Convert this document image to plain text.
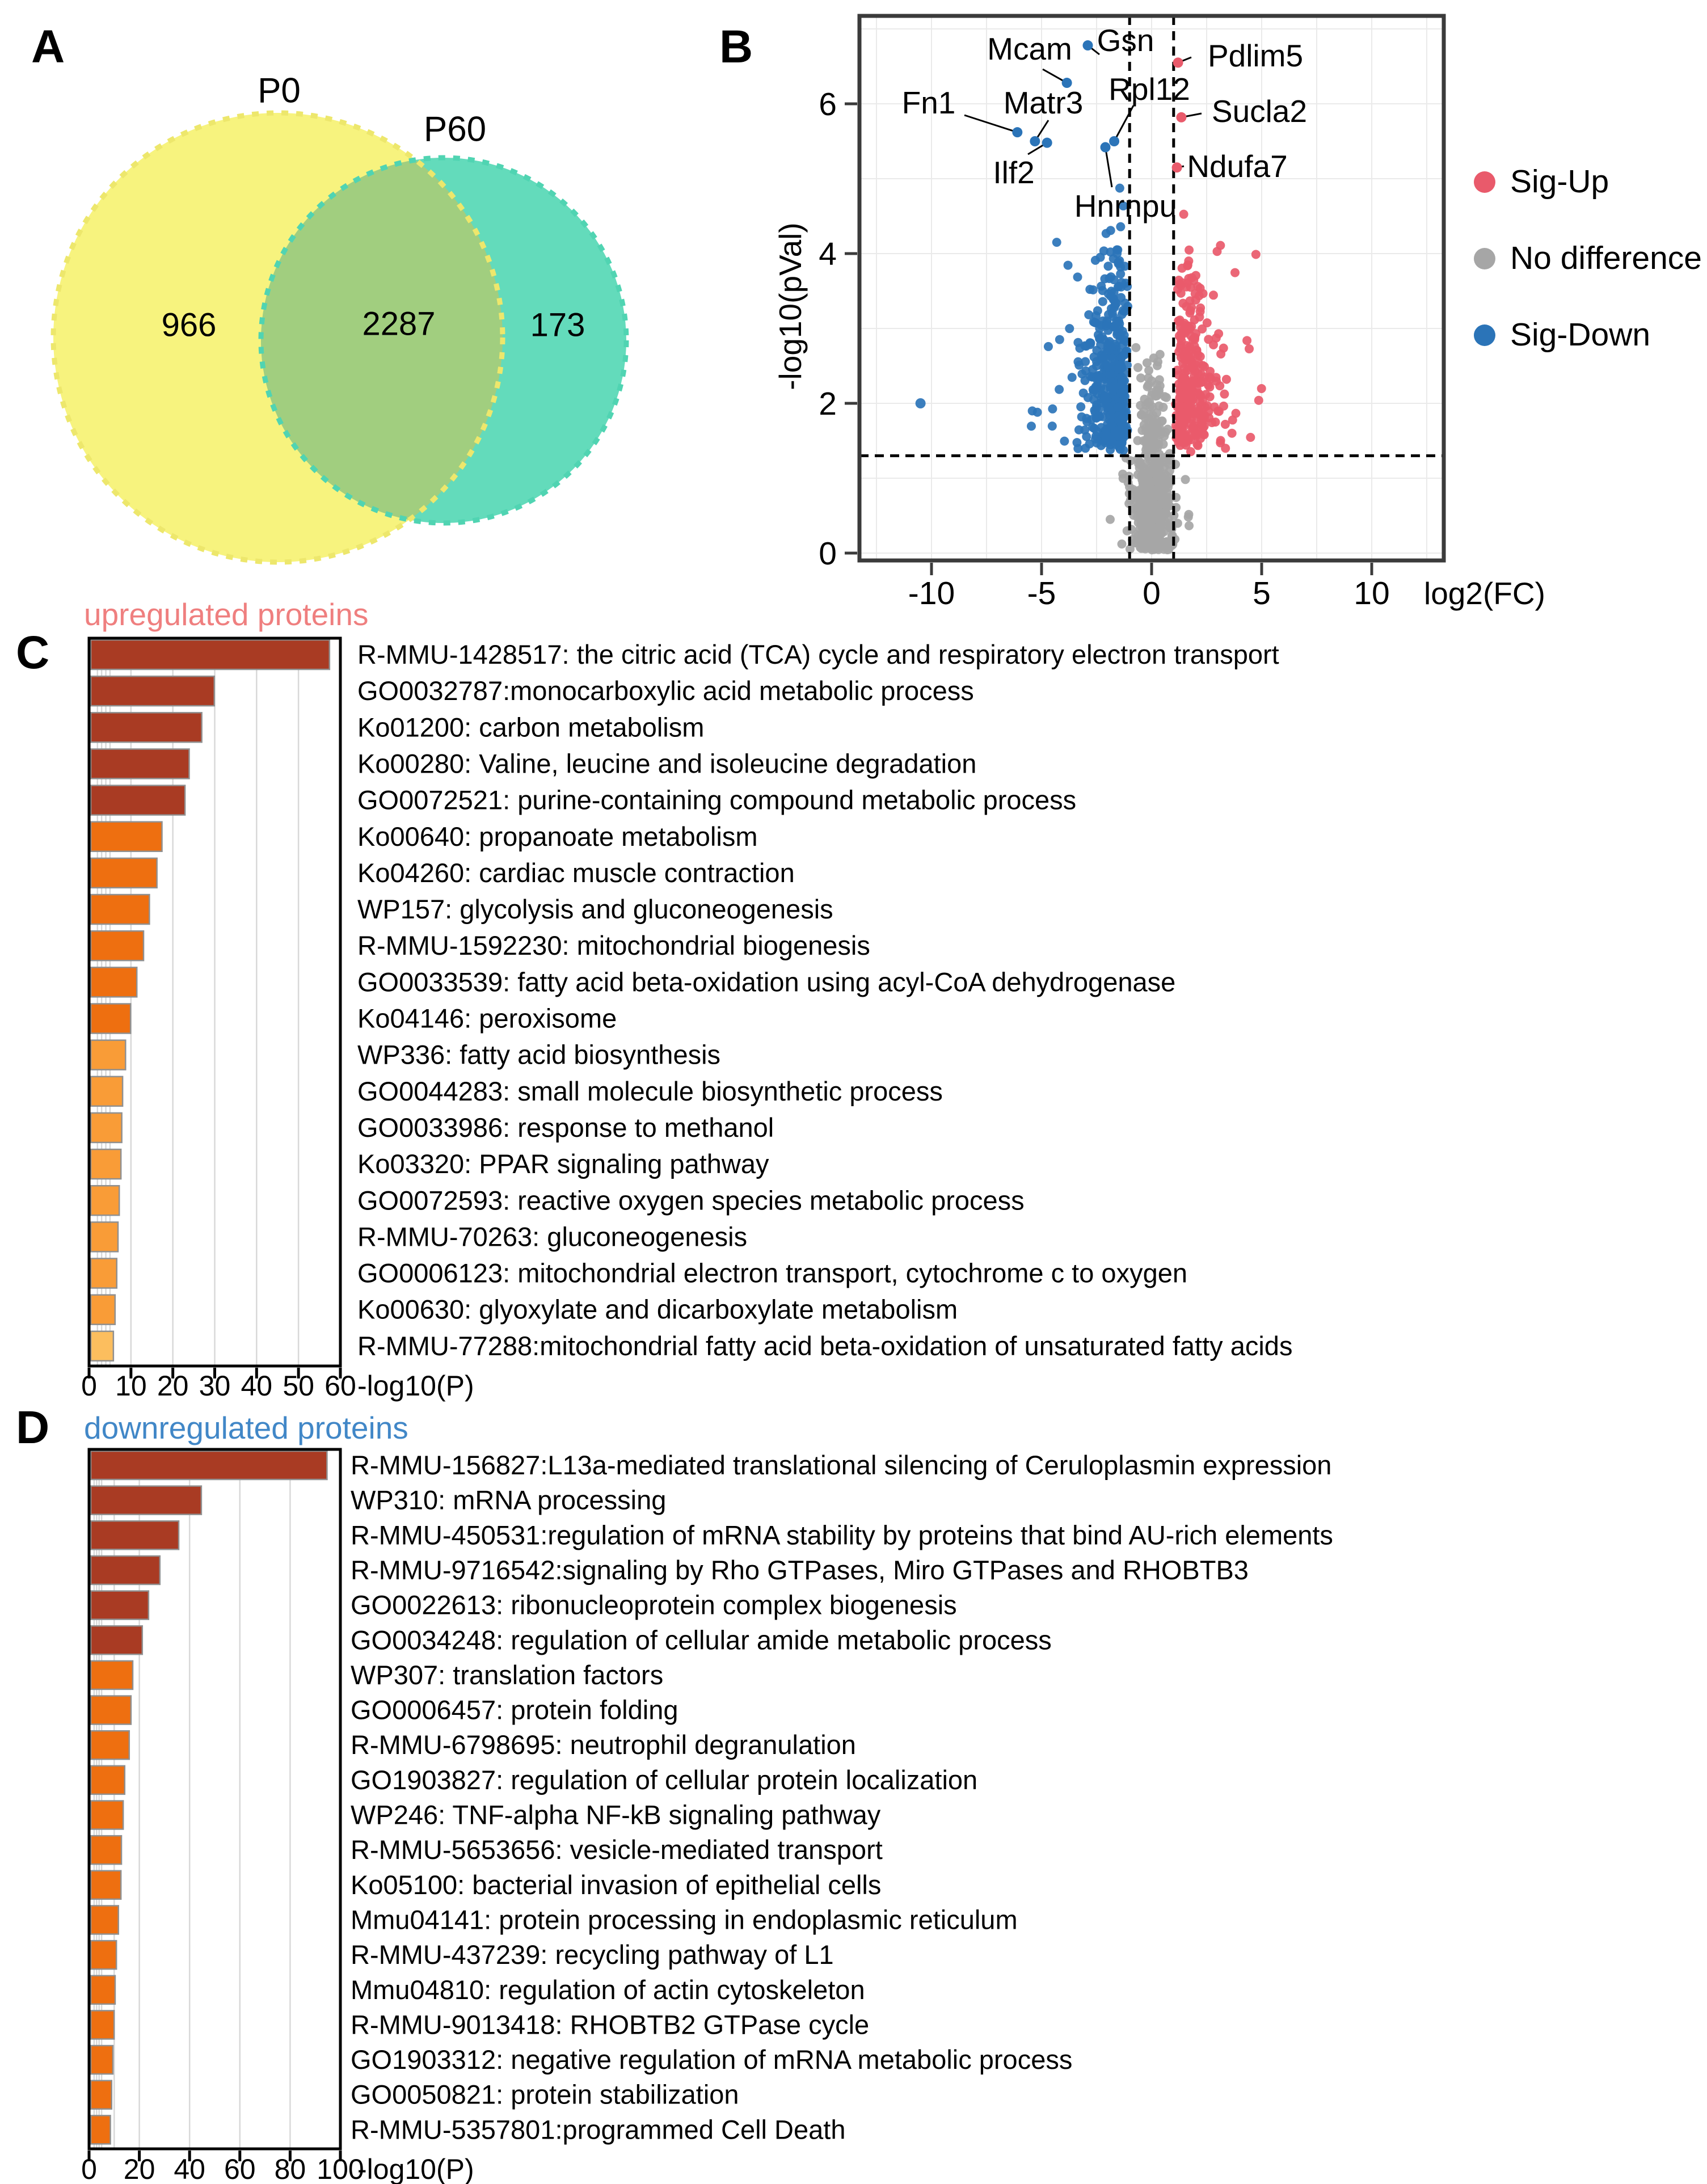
A	B
C
D
P0
P60
966	2287	173
Mcam Gsn Pdlim5
Fn1 Matr3 Rpl12
Sucla2
Ilf2	Ndufa7
Hnrnpu
-10 -5	0	5	10
0
2
4
6
log2(FC)
-log10(pVal)
Sig-Up
No difference
Sig-Down
upregulated proteins
R-MMU-1428517: the citric acid (TCA) cycle and respiratory electron transport
GO0032787:monocarboxylic acid metabolic process
Ko01200: carbon metabolism
Ko00280: Valine, leucine and isoleucine degradation
GO0072521: purine-containing compound metabolic process
Ko00640: propanoate metabolism
Ko04260: cardiac muscle contraction
WP157: glycolysis and gluconeogenesis
R-MMU-1592230: mitochondrial biogenesis
GO0033539: fatty acid beta-oxidation using acyl-CoA dehydrogenase
Ko04146: peroxisome
WP336: fatty acid biosynthesis
GO0044283: small molecule biosynthetic process
GO0033986: response to methanol
Ko03320: PPAR signaling pathway
GO0072593: reactive oxygen species metabolic process
R-MMU-70263: gluconeogenesis
GO0006123: mitochondrial electron transport, cytochrome c to oxygen
Ko00630: glyoxylate and dicarboxylate metabolism
R-MMU-77288:mitochondrial fatty acid beta-oxidation of unsaturated fatty acids
0 10 20 30 40 50 60 -log10(P)
downregulated proteins
R-MMU-156827:L13a-mediated translational silencing of Ceruloplasmin expression
WP310: mRNA processing
R-MMU-450531:regulation of mRNA stability by proteins that bind AU-rich elements
R-MMU-9716542:signaling by Rho GTPases, Miro GTPases and RHOBTB3
GO0022613: ribonucleoprotein complex biogenesis
GO0034248: regulation of cellular amide metabolic process
WP307: translation factors
GO0006457: protein folding
R-MMU-6798695: neutrophil degranulation
GO1903827: regulation of cellular protein localization
WP246: TNF-alpha NF-kB signaling pathway
R-MMU-5653656: vesicle-mediated transport
Ko05100: bacterial invasion of epithelial cells
Mmu04141: protein processing in endoplasmic reticulum
R-MMU-437239: recycling pathway of L1
Mmu04810: regulation of actin cytoskeleton
R-MMU-9013418: RHOBTB2 GTPase cycle
GO1903312: negative regulation of mRNA metabolic process
GO0050821: protein stabilization
R-MMU-5357801:programmed Cell Death
0 20 40 60 80 100
-log10(P)
